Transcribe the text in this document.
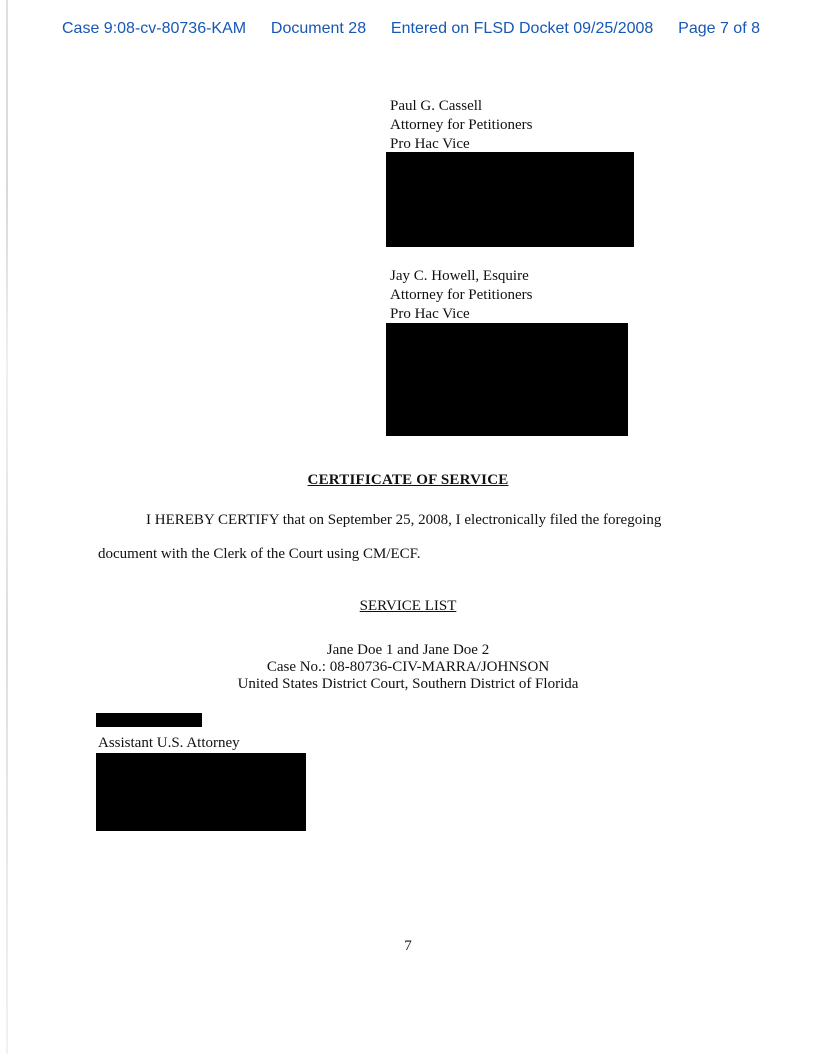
Case 9:08-cv-80736-KAM Document 28 Entered on FLSD Docket 09/25/2008 Page 7 of 8
Paul G. Cassell
Attorney for Petitioners
Pro Hac Vice
Jay C. Howell, Esquire
Attorney for Petitioners
Pro Hac Vice
CERTIFICATE OF SERVICE
I HEREBY CERTIFY that on September 25, 2008, I electronically filed the foregoing
document with the Clerk of the Court using CM/ECF.
SERVICE LIST
Jane Doe 1 and Jane Doe 2
Case No.: 08-80736-CIV-MARRA/JOHNSON
United States District Court, Southern District of Florida
Assistant U.S. Attorney
7
